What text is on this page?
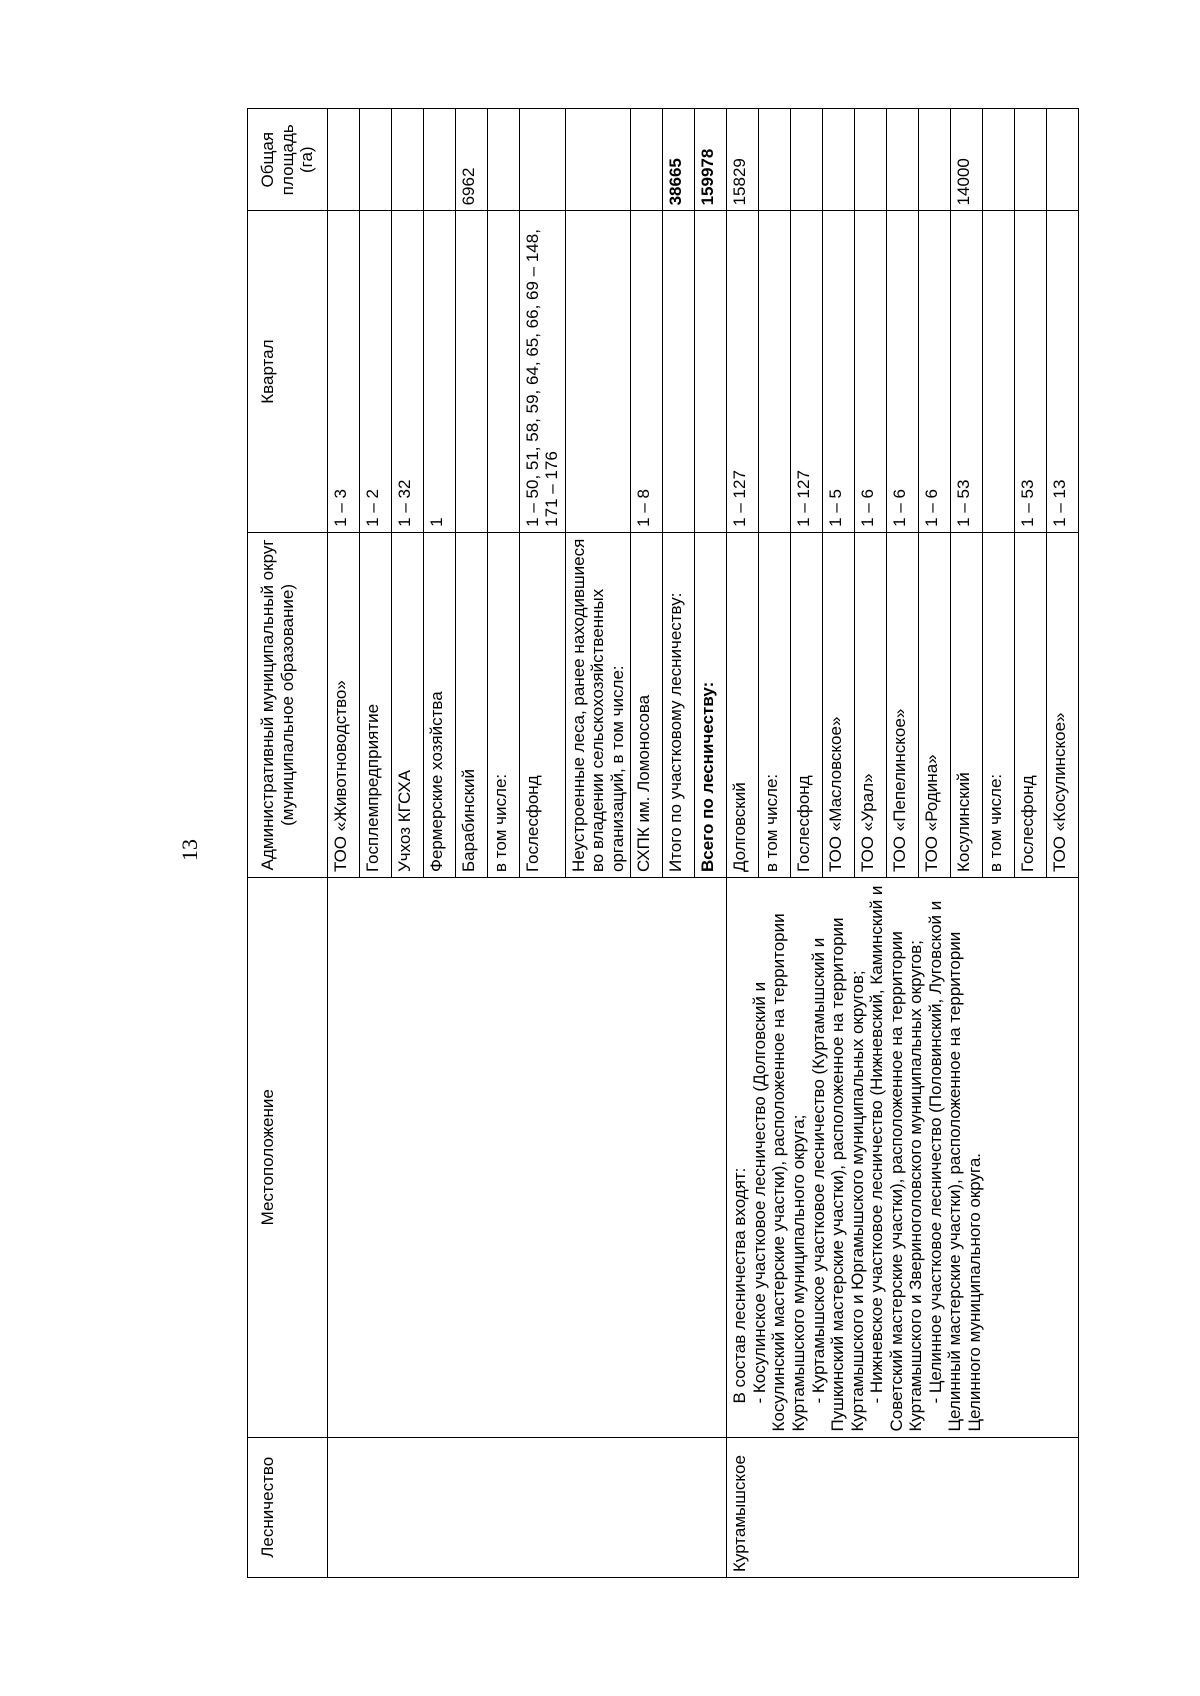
13
Лесничество	Местоположение	Административный муниципальный округ (муниципальное образование)	Квартал	Общая площадь (га)
		ТОО «Животноводство»	1 – 3	
		Госплемпредприятие	1 – 2	
		Учхоз КГСХА	1 – 32	
		Фермерские хозяйства	1	
		Барабинский		6962
		в том числе:		
		Гослесфонд	1 – 50, 51, 58, 59, 64, 65, 66, 69 – 148, 171 – 176	
		Неустроенные леса, ранее находившиеся во владении сельскохозяйственных организаций, в том числе:		
		СХПК им. Ломоносова	1 – 8	
		Итого по участковому лесничеству:		38665
		Всего по лесничеству:		159978
Куртамышское	В состав лесничества входят: - Косулинское участковое лесничество (Долговский и Косулинский мастерские участки), расположенное на территории Куртамышского муниципального округа; - Куртамышское участковое лесничество (Куртамышский и Пушкинский мастерские участки), расположенное на территории Куртамышского и Юргамышского муниципальных округов; - Нижневское участковое лесничество (Нижневский, Каминский и Советский мастерские участки), расположенное на территории Куртамышского и Звериноголовского муниципальных округов; - Целинное участковое лесничество (Половинский, Луговской и Целинный мастерские участки), расположенное на территории Целинного муниципального округа.	Долговский	1 – 127	15829
		в том числе:		
		Гослесфонд	1 – 127	
		ТОО «Масловское»	1 – 5	
		ТОО «Урал»	1 – 6	
		ТОО «Пепелинское»	1 – 6	
		ТОО «Родина»	1 – 6	
		Косулинский	1 – 53	14000
		в том числе:		
		Гослесфонд	1 – 53	
		ТОО «Косулинское»	1 – 13	
